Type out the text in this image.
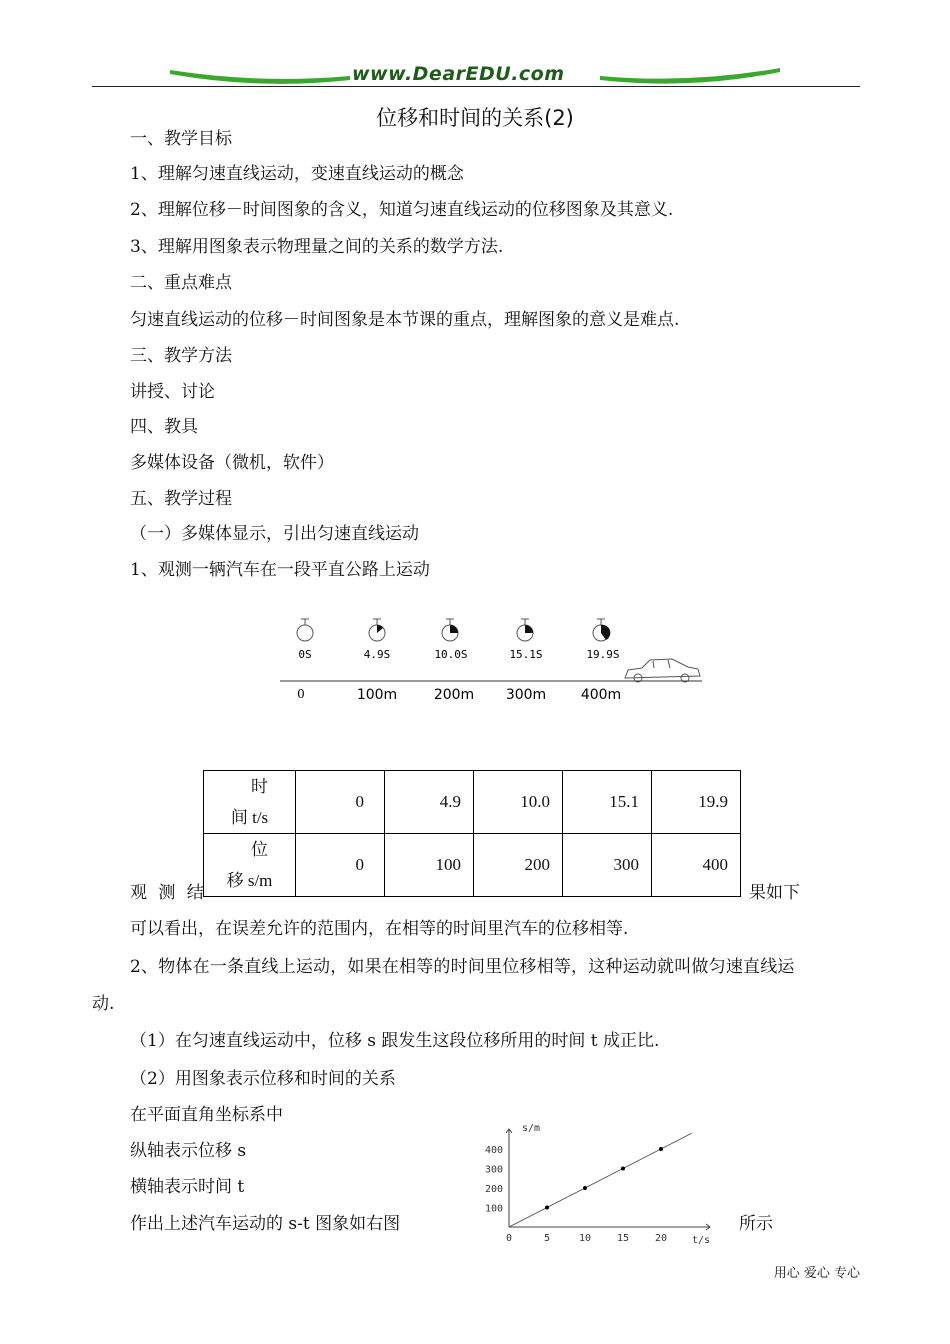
www.DearEDU.com
位移和时间的关系(2)
一、教学目标
1、理解匀速直线运动，变速直线运动的概念
2、理解位移－时间图象的含义，知道匀速直线运动的位移图象及其意义.
3、理解用图象表示物理量之间的关系的数学方法.
二、重点难点
匀速直线运动的位移－时间图象是本节课的重点，理解图象的意义是难点.
三、教学方法
讲授、讨论
四、教具
多媒体设备（微机，软件）
五、教学过程
（一）多媒体显示，引出匀速直线运动
1、观测一辆汽车在一段平直公路上运动
0S	4.9S	10.0S	15.1S	19.9S
0	100m	200m 300m 400m
观 测 结
时
间 t/s	0	4.9	10.0	15.1	19.9

位
移 s/m	0	100	200	300	400
果如下
可以看出，在误差允许的范围内，在相等的时间里汽车的位移相等.
2、物体在一条直线上运动，如果在相等的时间里位移相等，这种运动就叫做匀速直线运
动.
（1）在匀速直线运动中，位移 s 跟发生这段位移所用的时间 t 成正比.
（2）用图象表示位移和时间的关系
在平面直角坐标系中
纵轴表示位移 s
横轴表示时间 t
作出上述汽车运动的 s-t 图象如右图	所示
s/m
t/s
0	5	10	15	20
100
200
300
400
用心 爱心 专心
